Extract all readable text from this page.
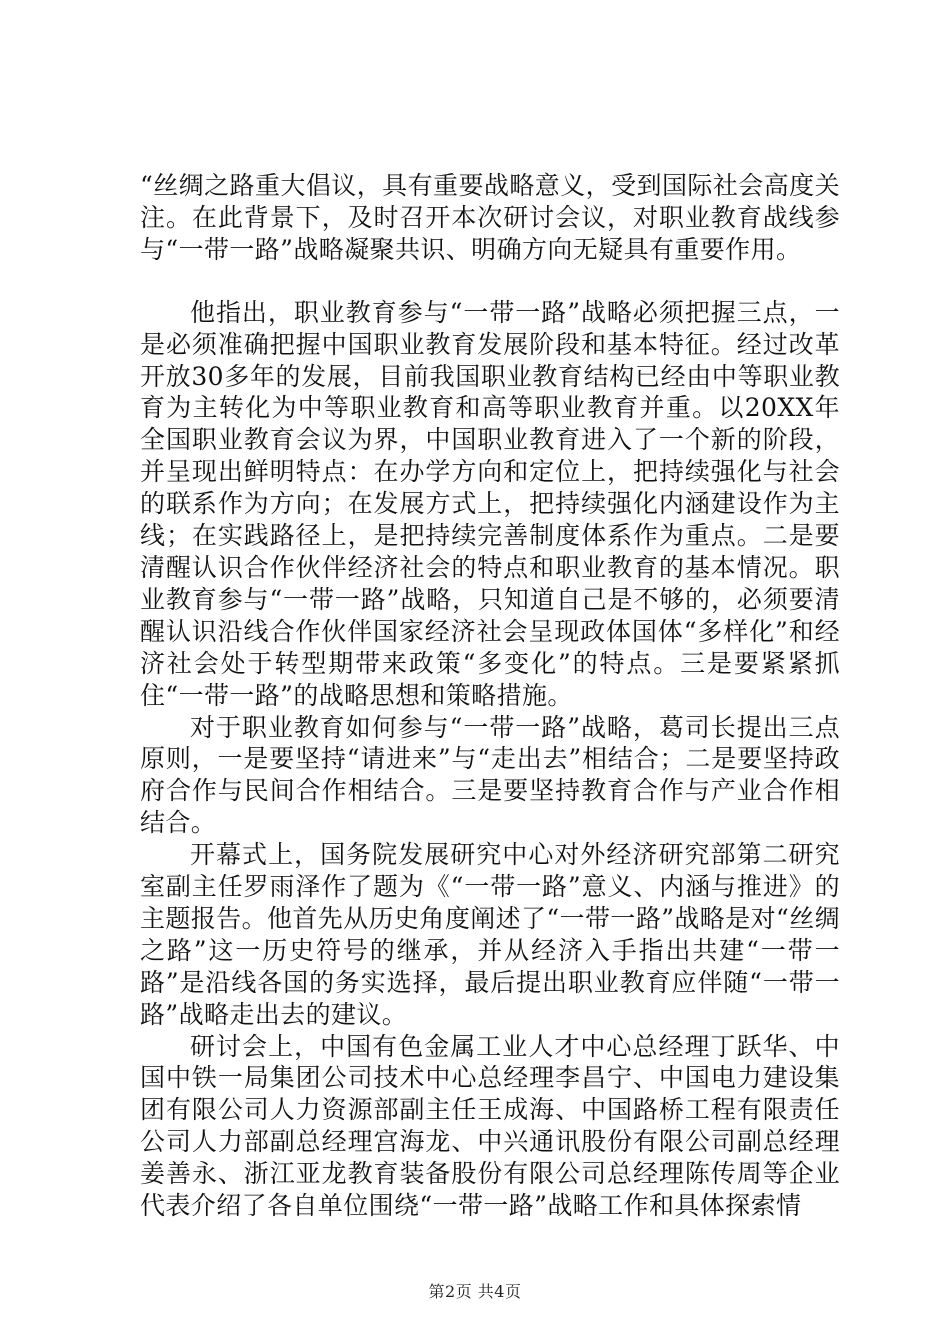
“丝绸之路重大倡议，具有重要战略意义，受到国际社会高度关注。在此背景下，及时召开本次研讨会议，对职业教育战线参与“一带一路”战略凝聚共识、明确方向无疑具有重要作用。

他指出，职业教育参与“一带一路”战略必须把握三点，一是必须准确把握中国职业教育发展阶段和基本特征。经过改革开放30多年的发展，目前我国职业教育结构已经由中等职业教育为主转化为中等职业教育和高等职业教育并重。以20XX年全国职业教育会议为界，中国职业教育进入了一个新的阶段，并呈现出鲜明特点：在办学方向和定位上，把持续强化与社会的联系作为方向；在发展方式上，把持续强化内涵建设作为主线；在实践路径上，是把持续完善制度体系作为重点。二是要清醒认识合作伙伴经济社会的特点和职业教育的基本情况。职业教育参与“一带一路”战略，只知道自己是不够的，必须要清醒认识沿线合作伙伴国家经济社会呈现政体国体“多样化”和经济社会处于转型期带来政策“多变化”的特点。三是要紧紧抓住“一带一路”的战略思想和策略措施。

对于职业教育如何参与“一带一路”战略，葛司长提出三点原则，一是要坚持“请进来”与“走出去”相结合；二是要坚持政府合作与民间合作相结合。三是要坚持教育合作与产业合作相结合。

开幕式上，国务院发展研究中心对外经济研究部第二研究室副主任罗雨泽作了题为《“一带一路”意义、内涵与推进》的主题报告。他首先从历史角度阐述了“一带一路”战略是对“丝绸之路”这一历史符号的继承，并从经济入手指出共建“一带一路”是沿线各国的务实选择，最后提出职业教育应伴随“一带一路”战略走出去的建议。

研讨会上，中国有色金属工业人才中心总经理丁跃华、中国中铁一局集团公司技术中心总经理李昌宁、中国电力建设集团有限公司人力资源部副主任王成海、中国路桥工程有限责任公司人力部副总经理宫海龙、中兴通讯股份有限公司副总经理姜善永、浙江亚龙教育装备股份有限公司总经理陈传周等企业代表介绍了各自单位围绕“一带一路”战略工作和具体探索情

第2页 共4页
